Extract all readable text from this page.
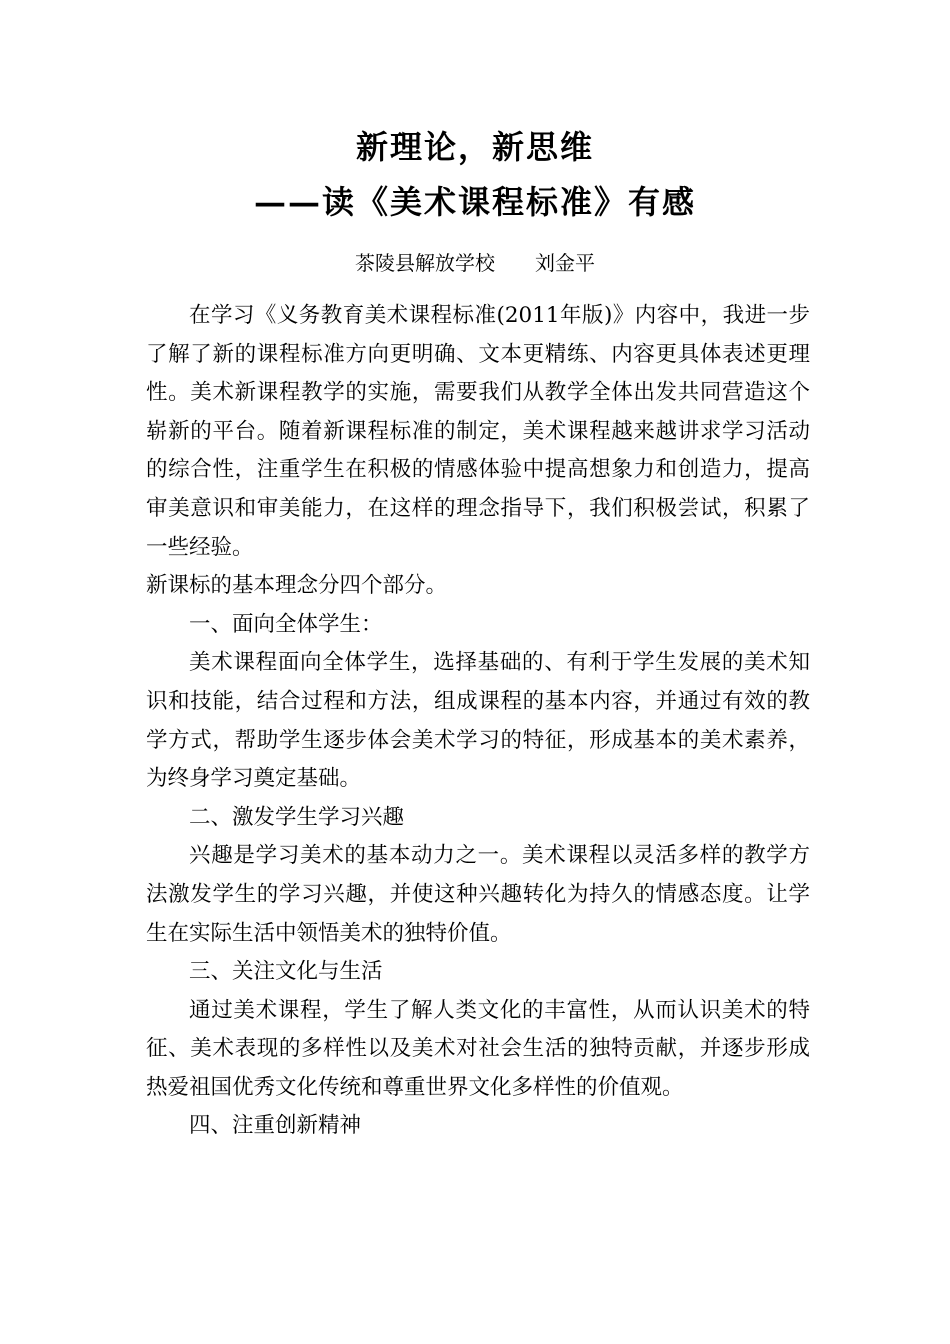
新理论，新思维
——读《美术课程标准》有感
茶陵县解放学校 刘金平

在学习《义务教育美术课程标准(2011年版)》内容中，我进一步了解了新的课程标准方向更明确、文本更精练、内容更具体表述更理性。美术新课程教学的实施，需要我们从教学全体出发共同营造这个崭新的平台。随着新课程标准的制定，美术课程越来越讲求学习活动的综合性，注重学生在积极的情感体验中提高想象力和创造力，提高审美意识和审美能力，在这样的理念指导下，我们积极尝试，积累了一些经验。

新课标的基本理念分四个部分。

一、面向全体学生：

美术课程面向全体学生，选择基础的、有利于学生发展的美术知识和技能，结合过程和方法，组成课程的基本内容，并通过有效的教学方式，帮助学生逐步体会美术学习的特征，形成基本的美术素养，为终身学习奠定基础。

二、激发学生学习兴趣

兴趣是学习美术的基本动力之一。美术课程以灵活多样的教学方法激发学生的学习兴趣，并使这种兴趣转化为持久的情感态度。让学生在实际生活中领悟美术的独特价值。

三、关注文化与生活

通过美术课程，学生了解人类文化的丰富性，从而认识美术的特征、美术表现的多样性以及美术对社会生活的独特贡献，并逐步形成热爱祖国优秀文化传统和尊重世界文化多样性的价值观。

四、注重创新精神
